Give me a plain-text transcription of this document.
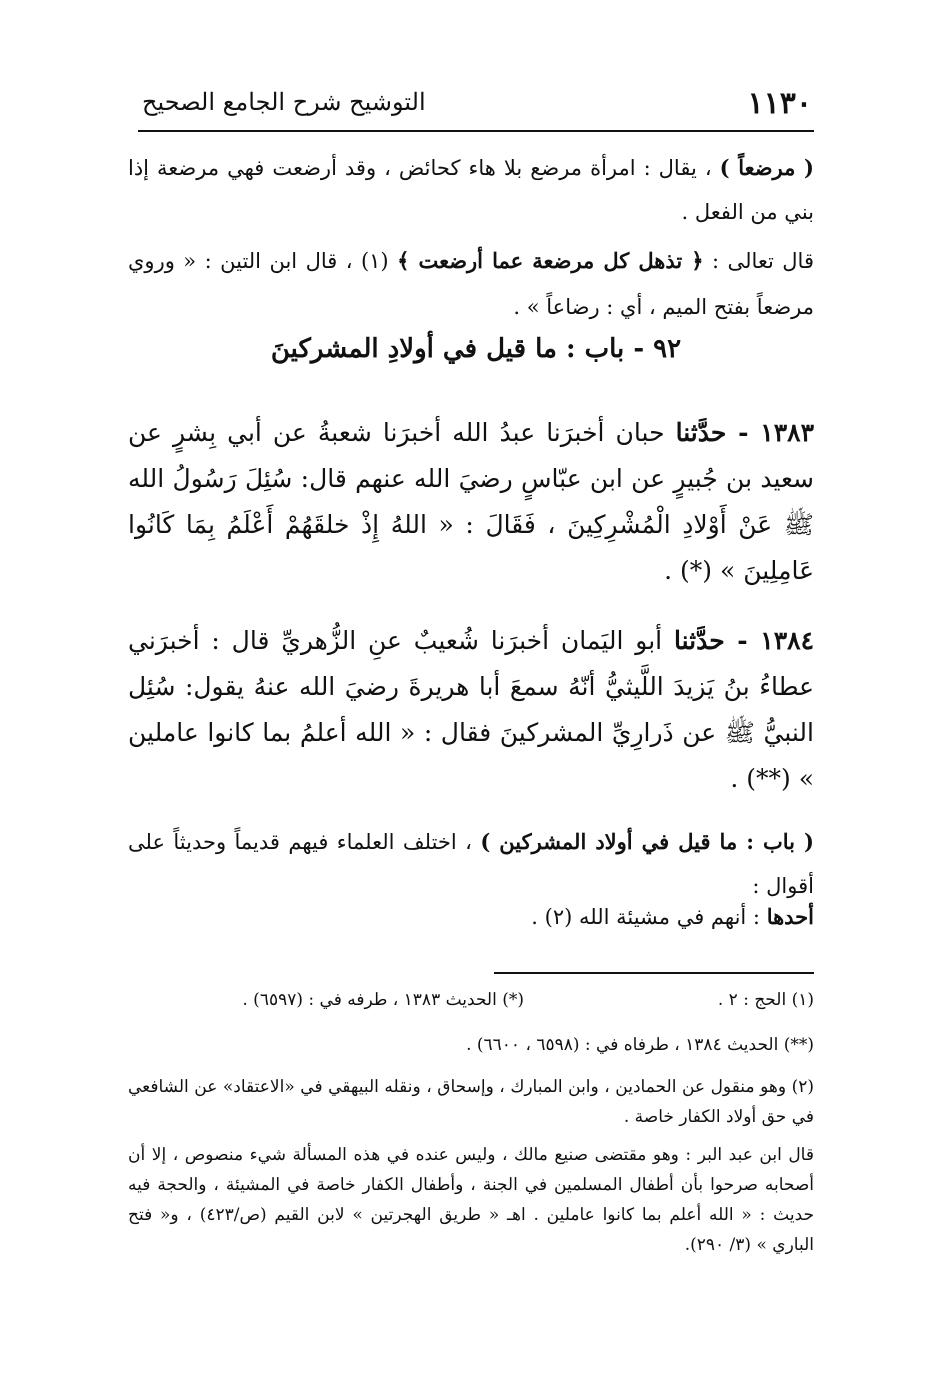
١١٣٠
التوشيح شرح الجامع الصحيح
( مرضعاً ) ، يقال : امرأة مرضع بلا هاء كحائض ، وقد أرضعت فهي مرضعة إذا بني من الفعل .
قال تعالى : ﴿ تذهل كل مرضعة عما أرضعت ﴾ (١) ، قال ابن التين : « وروي مرضعاً بفتح الميم ، أي : رضاعاً » .
٩٢ - باب : ما قيل في أولادِ المشركينَ
١٣٨٣ - حدَّثنا حبان أخبرَنا عبدُ الله أخبرَنا شعبةُ عن أبي بِشرٍ عن سعيد بن جُبيرٍ عن ابن عبّاسٍ رضيَ الله عنهم قال: سُئِلَ رَسُولُ الله ﷺ عَنْ أَوْلادِ الْمُشْرِكِينَ ، فَقَالَ : « اللهُ إِذْ خلقَهُمْ أَعْلَمُ بِمَا كَانُوا عَامِلِينَ » (*) .
١٣٨٤ - حدَّثنا أبو اليَمان أخبرَنا شُعيبٌ عنِ الزُّهريِّ قال : أخبرَني عطاءُ بنُ يَزيدَ اللَّيثيُّ أنّهُ سمعَ أبا هريرةَ رضيَ الله عنهُ يقول: سُئِل النبيُّ ﷺ عن ذَرارِيِّ المشركينَ فقال : « الله أعلمُ بما كانوا عاملين » (**) .
( باب : ما قيل في أولاد المشركين ) ، اختلف العلماء فيهم قديماً وحديثاً على أقوال :
أحدها : أنهم في مشيئة الله (٢) .
(١) الحج : ٢ .
(*) الحديث ١٣٨٣ ، طرفه في : (٦٥٩٧) .
(**) الحديث ١٣٨٤ ، طرفاه في : (٦٥٩٨ ، ٦٦٠٠) .
(٢) وهو منقول عن الحمادين ، وابن المبارك ، وإسحاق ، ونقله البيهقي في «الاعتقاد» عن الشافعي في حق أولاد الكفار خاصة .
قال ابن عبد البر : وهو مقتضى صنيع مالك ، وليس عنده في هذه المسألة شيء منصوص ، إلا أن أصحابه صرحوا بأن أطفال المسلمين في الجنة ، وأطفال الكفار خاصة في المشيئة ، والحجة فيه حديث : « الله أعلم بما كانوا عاملين . اهـ « طريق الهجرتين » لابن القيم (ص/٤٢٣) ، و« فتح الباري » (٣/ ٢٩٠).
